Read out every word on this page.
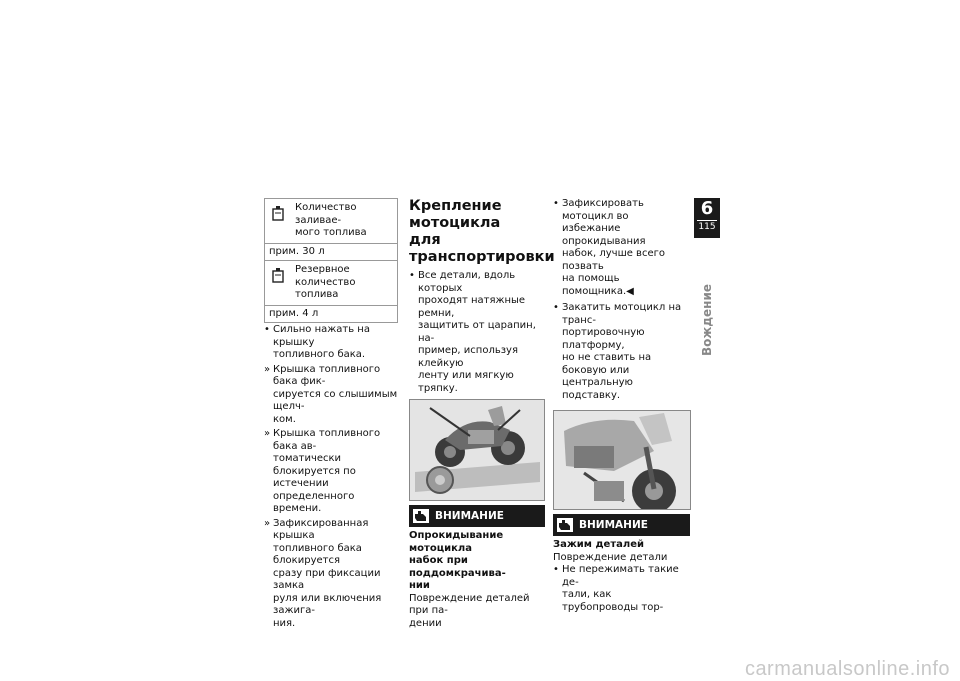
Количество заливае-
мого топлива
прим. 30 л
Резервное количество
топлива
прим. 4 л
• Сильно нажать на крышку
топливного бака.
» Крышка топливного бака фик-
сируется со слышимым щелч-
ком.
» Крышка топливного бака ав-
томатически блокируется по
истечении определенного
времени.
» Зафиксированная крышка
топливного бака блокируется
сразу при фиксации замка
руля или включения зажига-
ния.
Крепление мотоцикла
для транспортировки
• Все детали, вдоль которых
проходят натяжные ремни,
защитить от царапин, на-
пример, используя клейкую
ленту или мягкую тряпку.
ВНИМАНИЕ
Опрокидывание мотоцикла
набок при поддомкрачива-
нии
Повреждение деталей при па-
дении
• Зафиксировать мотоцикл во
избежание опрокидывания
набок, лучше всего позвать
на помощь помощника.◀
• Закатить мотоцикл на транс-
портировочную платформу,
но не ставить на боковую или
центральную подставку.
ВНИМАНИЕ
Зажим деталей
Повреждение детали
• Не пережимать такие де-
тали, как трубопроводы тор-
6
115
Вождение
carmanualsonline.info
